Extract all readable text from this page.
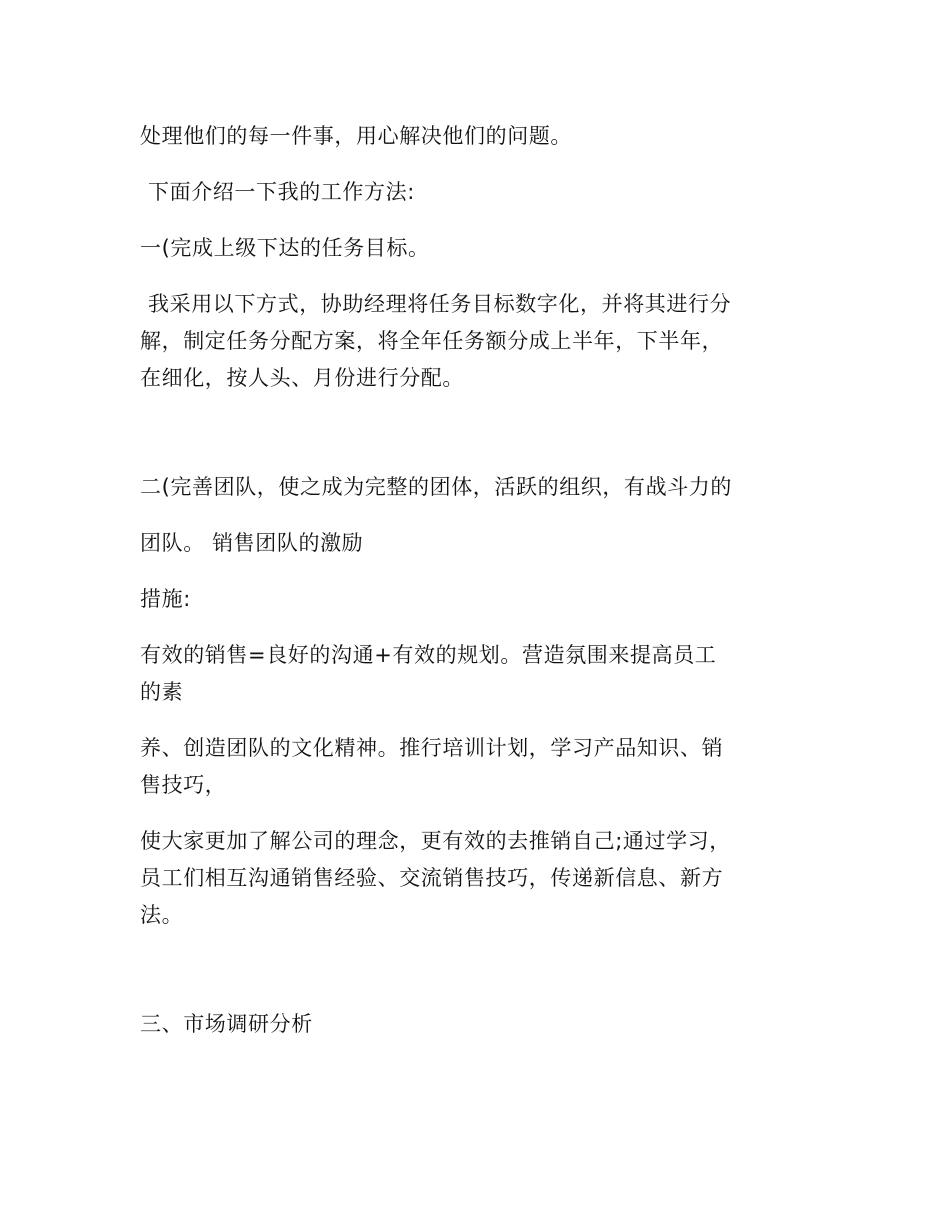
处理他们的每一件事，用心解决他们的问题。
下面介绍一下我的工作方法:
一(完成上级下达的任务目标。
我采用以下方式，协助经理将任务目标数字化，并将其进行分
解，制定任务分配方案，将全年任务额分成上半年，下半年，
在细化，按人头、月份进行分配。
二(完善团队，使之成为完整的团体，活跃的组织，有战斗力的
团队。 销售团队的激励
措施:
有效的销售=良好的沟通+有效的规划。营造氛围来提高员工
的素
养、创造团队的文化精神。推行培训计划，学习产品知识、销
售技巧，
使大家更加了解公司的理念，更有效的去推销自己;通过学习，
员工们相互沟通销售经验、交流销售技巧，传递新信息、新方
法。
三、市场调研分析
